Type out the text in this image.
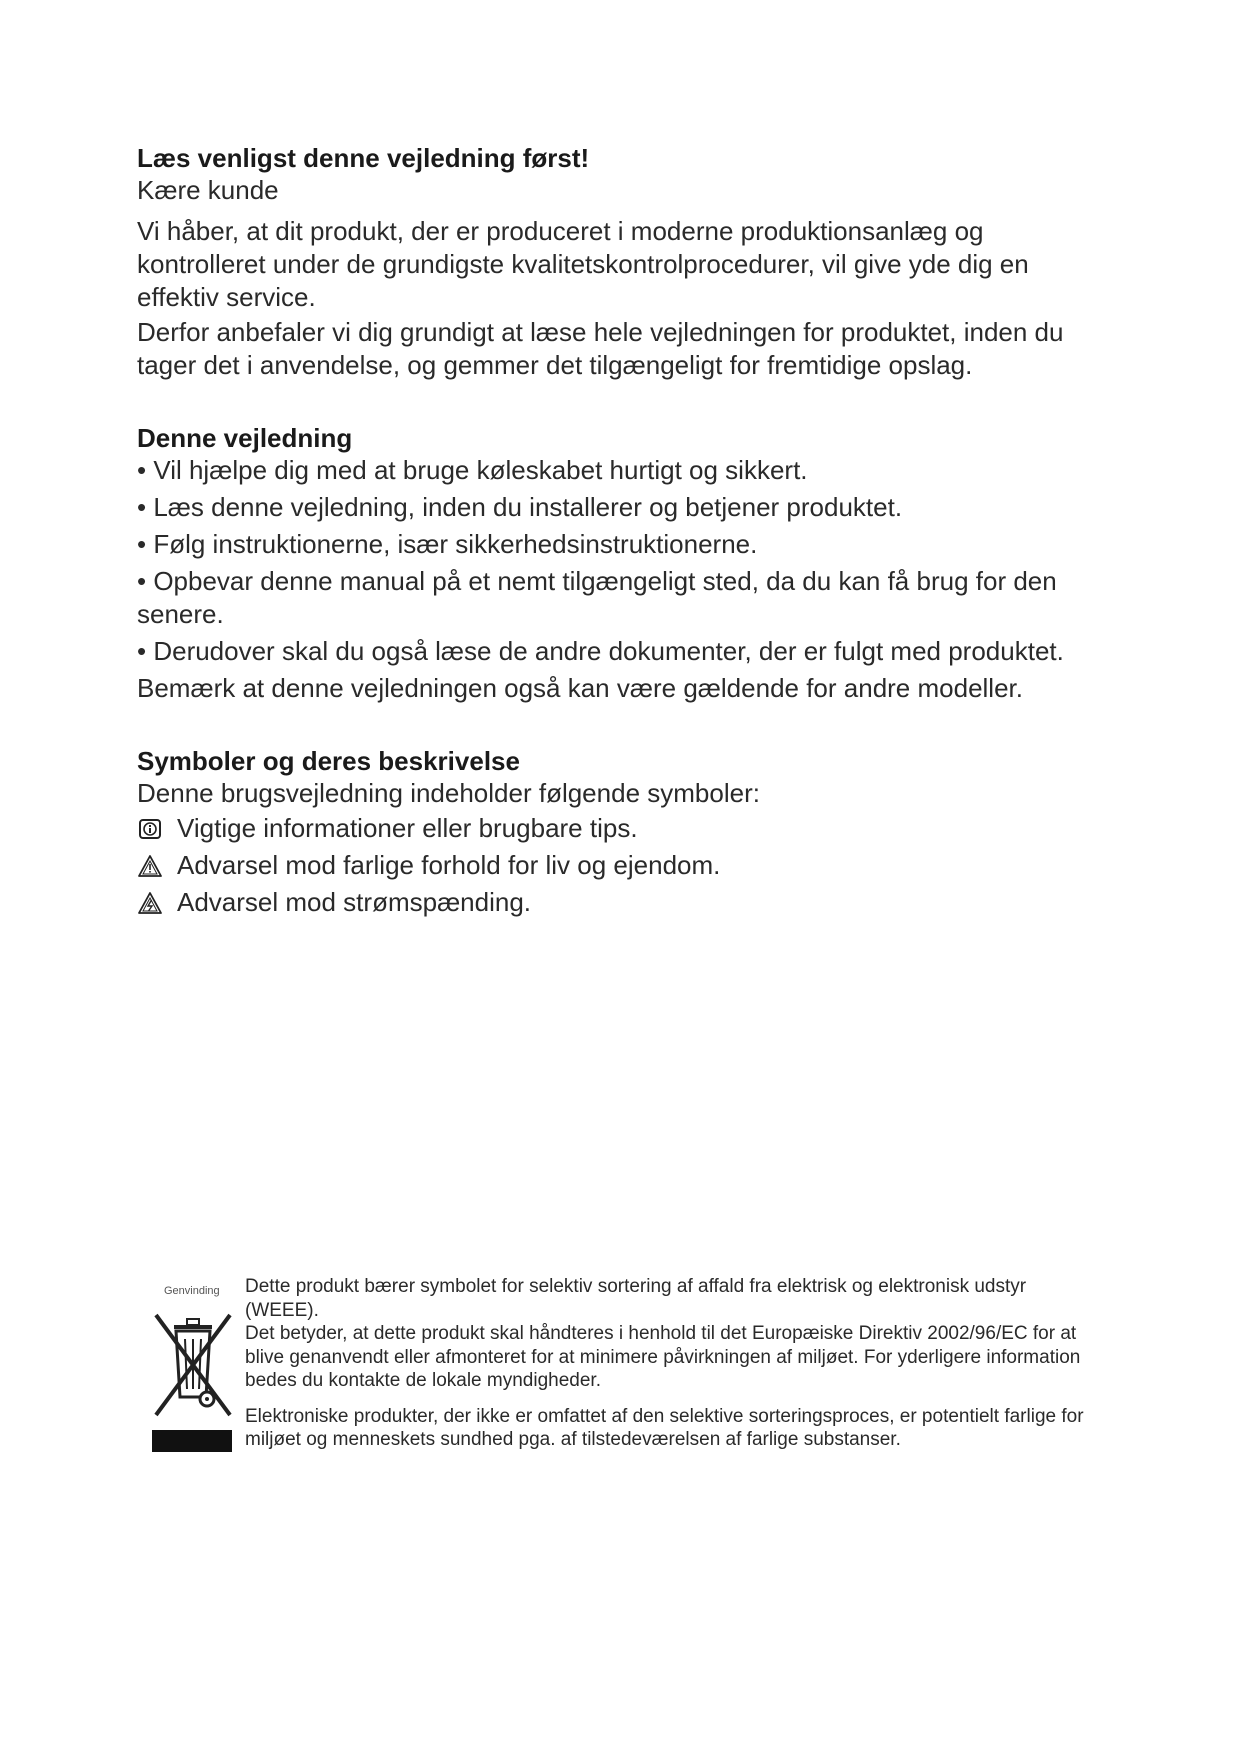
Læs venligst denne vejledning først!

Kære kunde

Vi håber, at dit produkt, der er produceret i moderne produktionsanlæg og kontrolleret under de grundigste kvalitetskontrolprocedurer, vil give yde dig en effektiv service.

Derfor anbefaler vi dig grundigt at læse hele vejledningen for produktet, inden du tager det i anvendelse, og gemmer det tilgængeligt for fremtidige opslag.

Denne vejledning

• Vil hjælpe dig med at bruge køleskabet hurtigt og sikkert.

• Læs denne vejledning, inden du installerer og betjener produktet.

• Følg instruktionerne, især sikkerhedsinstruktionerne.

• Opbevar denne manual på et nemt tilgængeligt sted, da du kan få brug for den senere.

• Derudover skal du også læse de andre dokumenter, der er fulgt med produktet.

Bemærk at denne vejledningen også kan være gældende for andre modeller.

Symboler og deres beskrivelse

Denne brugsvejledning indeholder følgende symboler:

Vigtige informationer eller brugbare tips.
Advarsel mod farlige forhold for liv og ejendom.
Advarsel mod strømspænding.
Genvinding Dette produkt bærer symbolet for selektiv sortering af affald fra elektrisk og elektronisk udstyr (WEEE).

Det betyder, at dette produkt skal håndteres i henhold til det Europæiske Direktiv 2002/96/EC for at blive genanvendt eller afmonteret for at minimere påvirkningen af miljøet. For yderligere information bedes du kontakte de lokale myndigheder.

Elektroniske produkter, der ikke er omfattet af den selektive sorteringsproces, er potentielt farlige for miljøet og menneskets sundhed pga. af tilstedeværelsen af farlige substanser.
